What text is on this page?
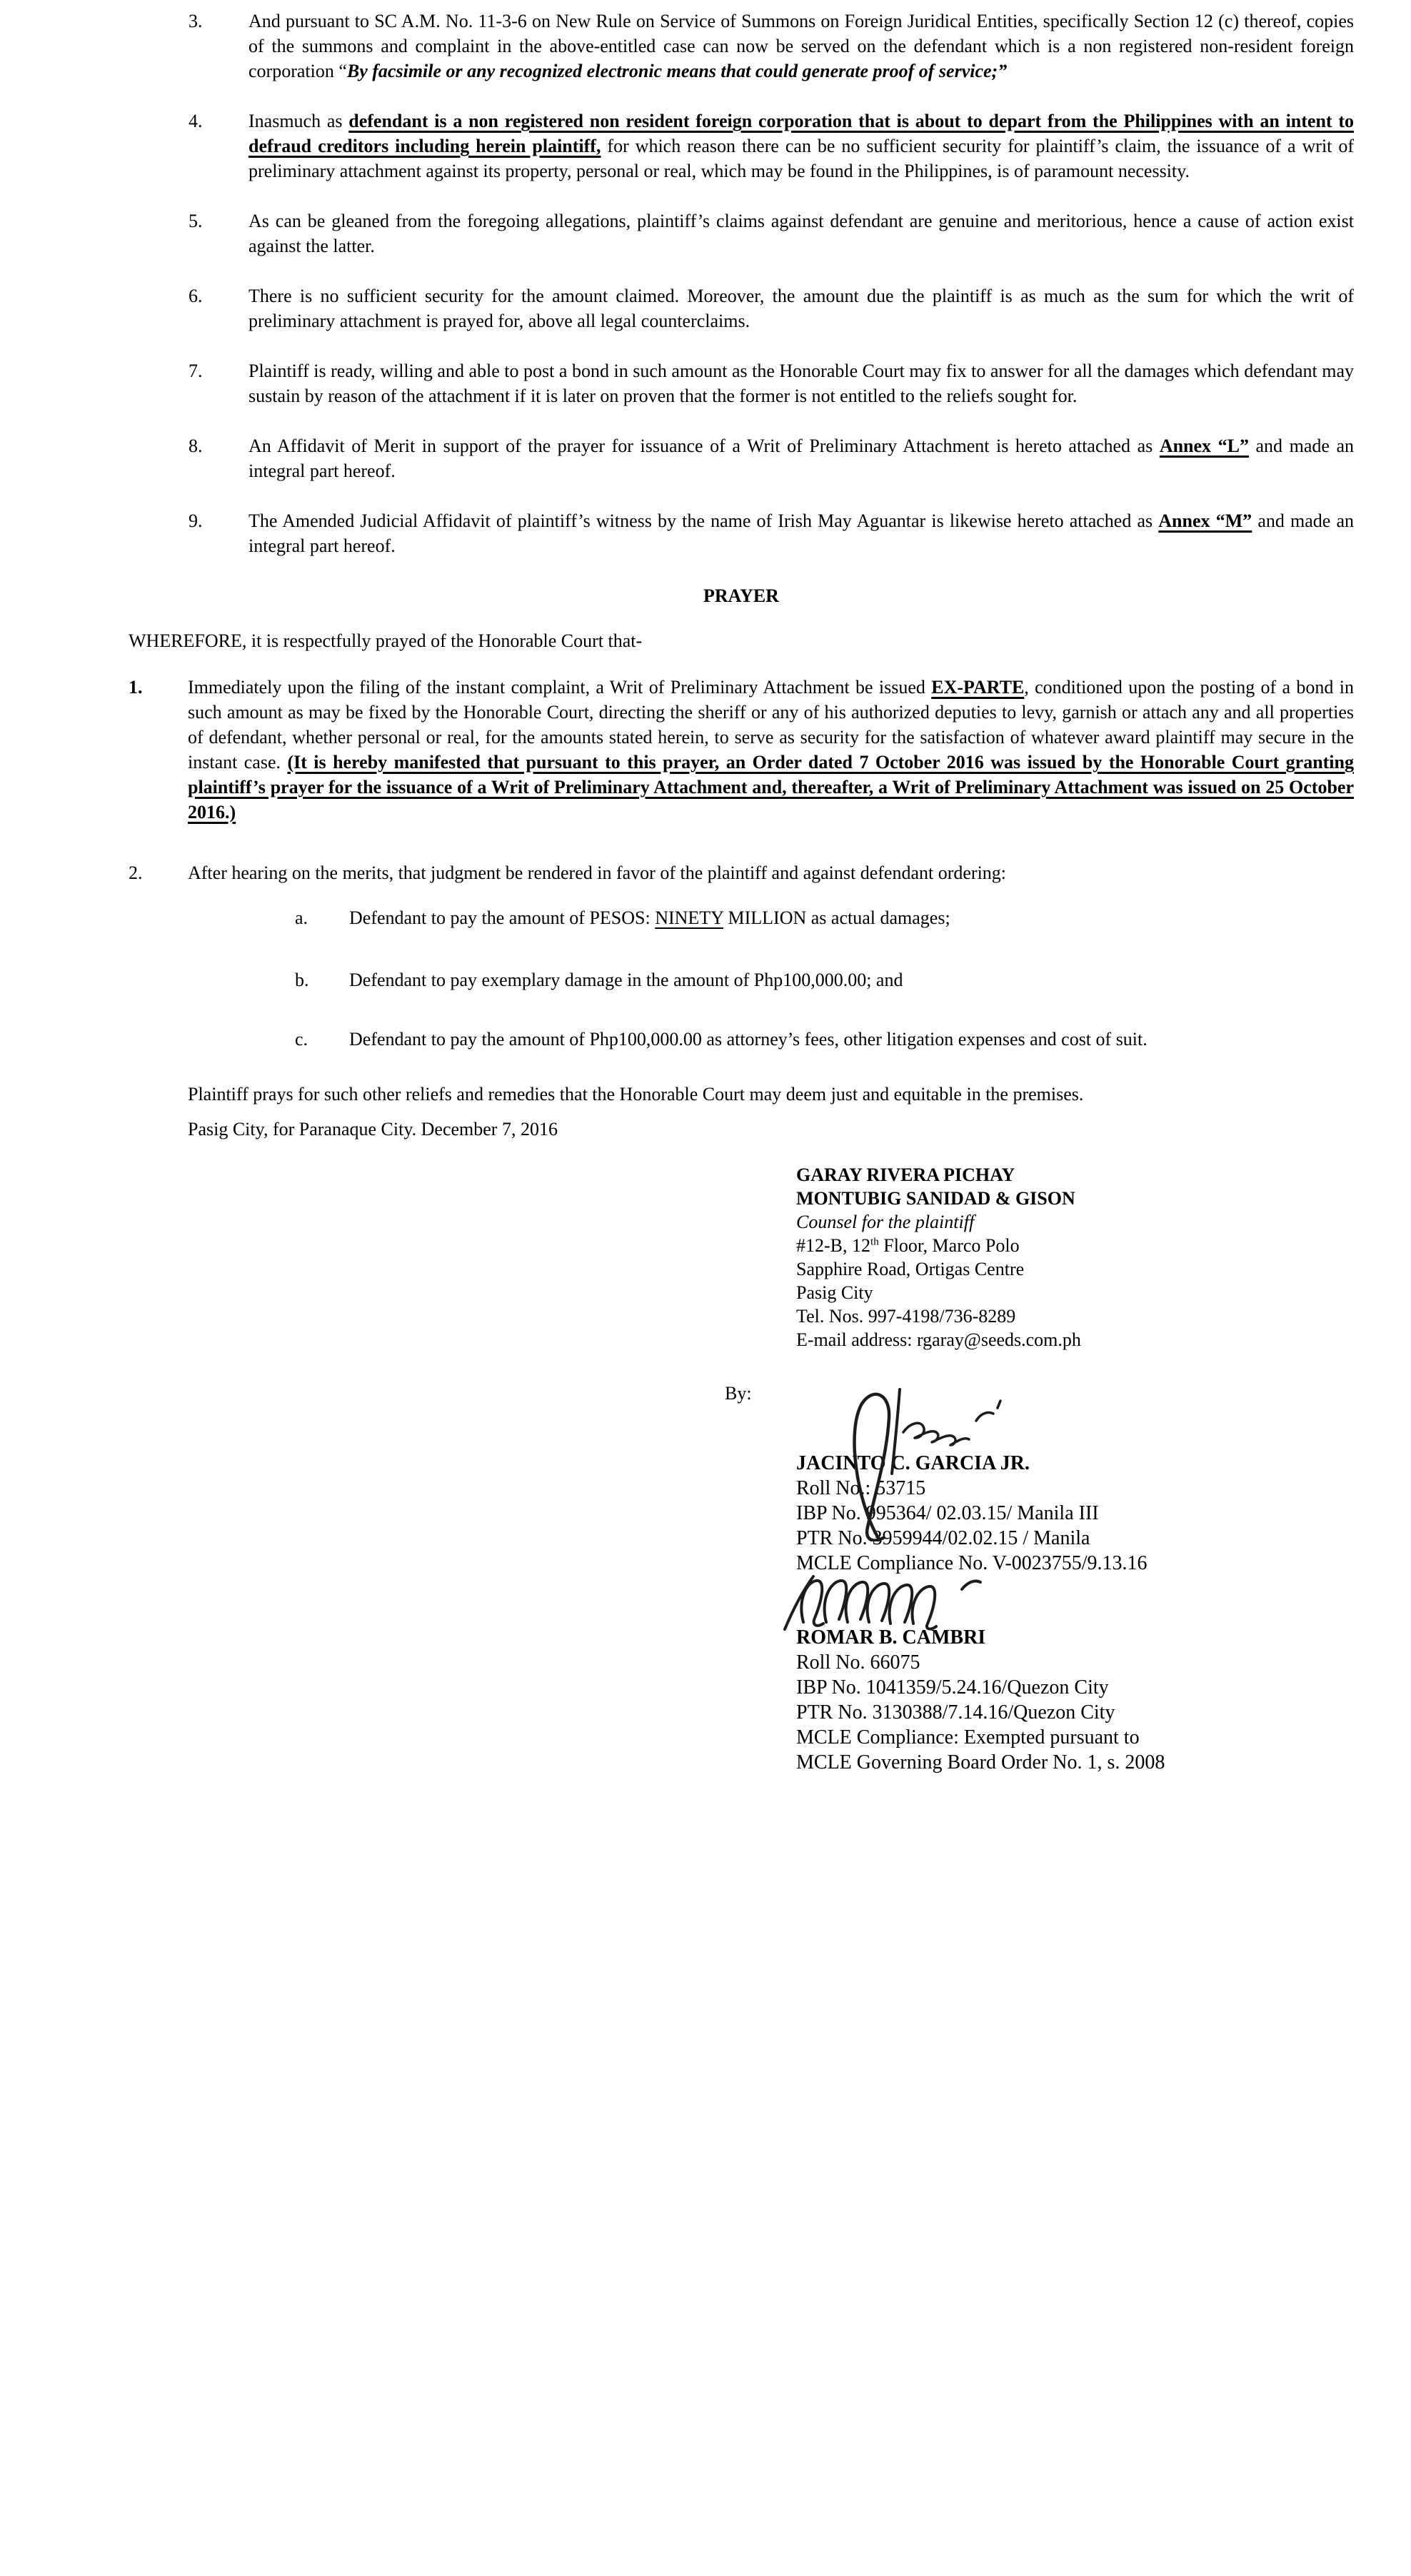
3.	And pursuant to SC A.M. No. 11-3-6 on New Rule on Service of Summons on Foreign Juridical Entities, specifically Section 12 (c) thereof, copies of the summons and complaint in the above-entitled case can now be served on the defendant which is a non registered non-resident foreign corporation “By facsimile or any recognized electronic means that could generate proof of service;”
4.	Inasmuch as defendant is a non registered non resident foreign corporation that is about to depart from the Philippines with an intent to defraud creditors including herein plaintiff, for which reason there can be no sufficient security for plaintiff’s claim, the issuance of a writ of preliminary attachment against its property, personal or real, which may be found in the Philippines, is of paramount necessity.
5.	As can be gleaned from the foregoing allegations, plaintiff’s claims against defendant are genuine and meritorious, hence a cause of action exist against the latter.
6.	There is no sufficient security for the amount claimed. Moreover, the amount due the plaintiff is as much as the sum for which the writ of preliminary attachment is prayed for, above all legal counterclaims.
7.	Plaintiff is ready, willing and able to post a bond in such amount as the Honorable Court may fix to answer for all the damages which defendant may sustain by reason of the attachment if it is later on proven that the former is not entitled to the reliefs sought for.
8.	An Affidavit of Merit in support of the prayer for issuance of a Writ of Preliminary Attachment is hereto attached as Annex “L” and made an integral part hereof.
9.	The Amended Judicial Affidavit of plaintiff’s witness by the name of Irish May Aguantar is likewise hereto attached as Annex “M” and made an integral part hereof.
PRAYER
WHEREFORE, it is respectfully prayed of the Honorable Court that-
1.	Immediately upon the filing of the instant complaint, a Writ of Preliminary Attachment be issued EX-PARTE, conditioned upon the posting of a bond in such amount as may be fixed by the Honorable Court, directing the sheriff or any of his authorized deputies to levy, garnish or attach any and all properties of defendant, whether personal or real, for the amounts stated herein, to serve as security for the satisfaction of whatever award plaintiff may secure in the instant case. (It is hereby manifested that pursuant to this prayer, an Order dated 7 October 2016 was issued by the Honorable Court granting plaintiff’s prayer for the issuance of a Writ of Preliminary Attachment and, thereafter, a Writ of Preliminary Attachment was issued on 25 October 2016.)
2.	After hearing on the merits, that judgment be rendered in favor of the plaintiff and against defendant ordering:
a.	Defendant to pay the amount of PESOS: NINETY MILLION as actual damages;
b.	Defendant to pay exemplary damage in the amount of Php100,000.00; and
c.	Defendant to pay the amount of Php100,000.00 as attorney’s fees, other litigation expenses and cost of suit.
Plaintiff prays for such other reliefs and remedies that the Honorable Court may deem just and equitable in the premises.
Pasig City, for Paranaque City. December 7, 2016
GARAY RIVERA PICHAY
MONTUBIG SANIDAD & GISON
Counsel for the plaintiff
#12-B, 12th Floor, Marco Polo
Sapphire Road, Ortigas Centre
Pasig City
Tel. Nos. 997-4198/736-8289
E-mail address: rgaray@seeds.com.ph
By:
JACINTO C. GARCIA JR.
Roll No.: 53715
IBP No. 995364/ 02.03.15/ Manila III
PTR No. 3959944/02.02.15 / Manila
MCLE Compliance No. V-0023755/9.13.16
ROMAR B. CAMBRI
Roll No. 66075
IBP No. 1041359/5.24.16/Quezon City
PTR No. 3130388/7.14.16/Quezon City
MCLE Compliance: Exempted pursuant to
MCLE Governing Board Order No. 1, s. 2008
